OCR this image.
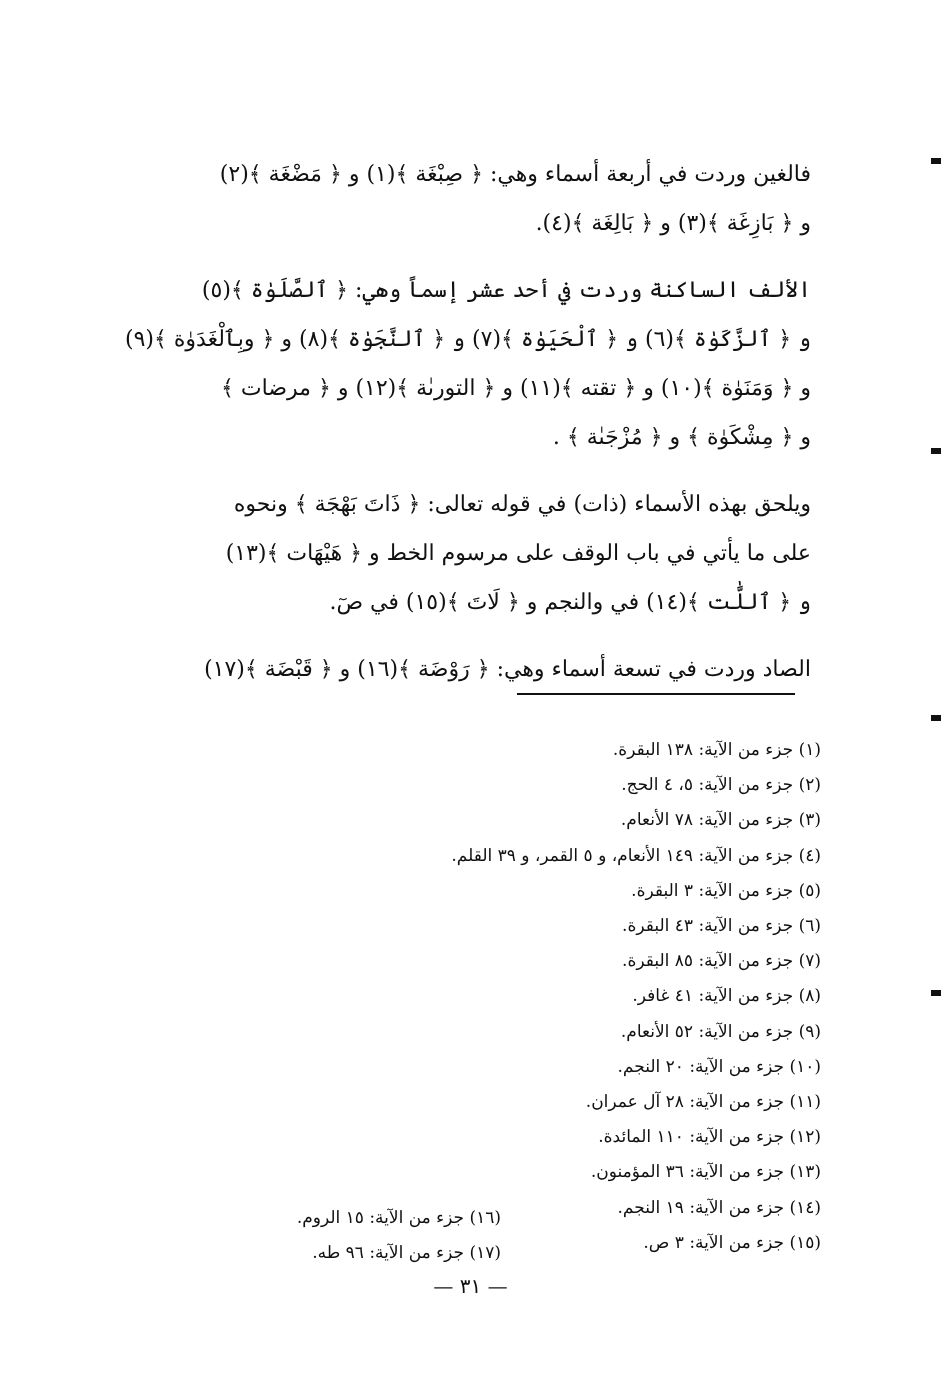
فالغين وردت في أربعة أسماء وهي: ﴿ صِبْغَة ﴾(١) و ﴿ مَضْغَة ﴾(٢)

و ﴿ بَازِغَة ﴾(٣) و ﴿ بَالِغَة ﴾(٤).

الألف الساكنة وردت في أحد عشر إسماً وهي: ﴿ ٱلصَّلَوٰة ﴾(٥)

و ﴿ ٱلزَّكَوٰة ﴾(٦) و ﴿ ٱلْحَيَوٰة ﴾(٧) و ﴿ ٱلنَّجَوٰة ﴾(٨) و ﴿ وبِٱلْغَدَوٰة ﴾(٩)

و ﴿ وَمَنَوٰة ﴾(١٠) و ﴿ تقته ﴾(١١) و ﴿ التورىٰة ﴾(١٢) و ﴿ مرضات ﴾

و ﴿ مِشْكَوٰة ﴾ و ﴿ مُزْجَىٰة ﴾ .

ويلحق بهذه الأسماء (ذات) في قوله تعالى: ﴿ ذَاتَ بَهْجَة ﴾ ونحوه

على ما يأتي في باب الوقف على مرسوم الخط و ﴿ هَيْهَات ﴾(١٣)

و ﴿ ٱللَّٰت ﴾(١٤) في والنجم و ﴿ لَاتَ ﴾(١٥) في صٓ.

الصاد وردت في تسعة أسماء وهي: ﴿ رَوْضَة ﴾(١٦) و ﴿ قَبْضَة ﴾(١٧)

(١) جزء من الآية: ١٣٨ البقرة.
(٢) جزء من الآية: ٥، ٤ الحج.
(٣) جزء من الآية: ٧٨ الأنعام.
(٤) جزء من الآية: ١٤٩ الأنعام، و ٥ القمر، و ٣٩ القلم.
(٥) جزء من الآية: ٣ البقرة.
(٦) جزء من الآية: ٤٣ البقرة.
(٧) جزء من الآية: ٨٥ البقرة.
(٨) جزء من الآية: ٤١ غافر.
(٩) جزء من الآية: ٥٢ الأنعام.
(١٠) جزء من الآية: ٢٠ النجم.
(١١) جزء من الآية: ٢٨ آل عمران.
(١٢) جزء من الآية: ١١٠ المائدة.
(١٣) جزء من الآية: ٣٦ المؤمنون.
(١٤) جزء من الآية: ١٩ النجم.
(١٥) جزء من الآية: ٣ ص.
(١٦) جزء من الآية: ١٥ الروم.
(١٧) جزء من الآية: ٩٦ طه.
— ٣١ —
